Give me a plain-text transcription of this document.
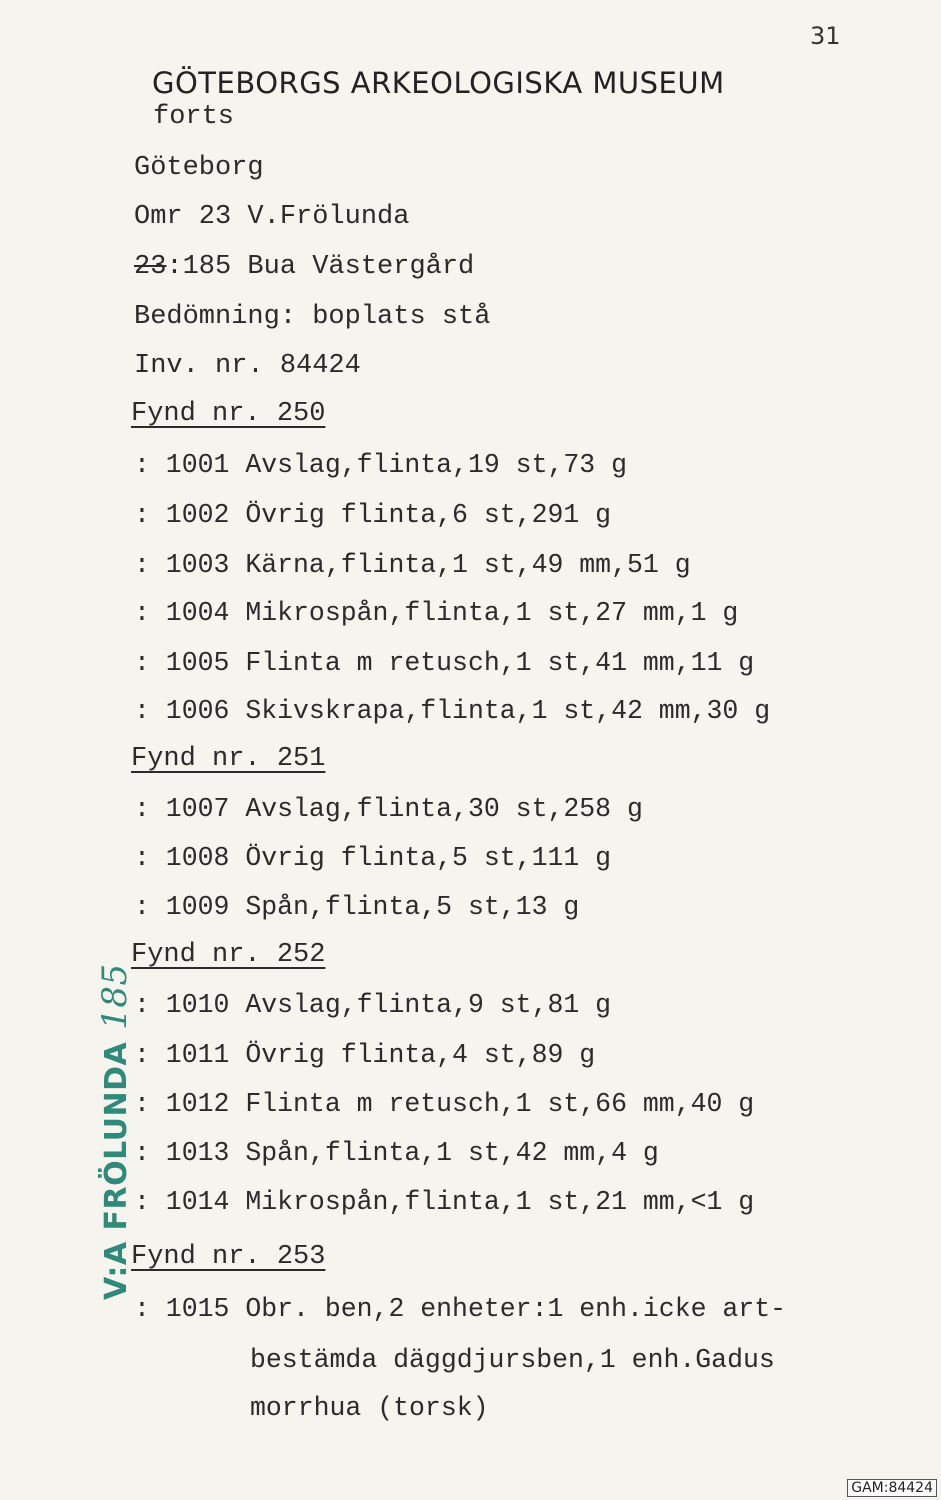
31
GÖTEBORGS ARKEOLOGISKA MUSEUM
forts
Göteborg
Omr 23 V.Frölunda
23:185 Bua Västergård
Bedömning: boplats stå
Inv. nr. 84424
Fynd nr. 250
: 1001 Avslag,flinta,19 st,73 g
: 1002 Övrig flinta,6 st,291 g
: 1003 Kärna,flinta,1 st,49 mm,51 g
: 1004 Mikrospån,flinta,1 st,27 mm,1 g
: 1005 Flinta m retusch,1 st,41 mm,11 g
: 1006 Skivskrapa,flinta,1 st,42 mm,30 g
Fynd nr. 251
: 1007 Avslag,flinta,30 st,258 g
: 1008 Övrig flinta,5 st,111 g
: 1009 Spån,flinta,5 st,13 g
Fynd nr. 252
: 1010 Avslag,flinta,9 st,81 g
: 1011 Övrig flinta,4 st,89 g
: 1012 Flinta m retusch,1 st,66 mm,40 g
: 1013 Spån,flinta,1 st,42 mm,4 g
: 1014 Mikrospån,flinta,1 st,21 mm,<1 g
Fynd nr. 253
: 1015 Obr. ben,2 enheter:1 enh.icke art-
bestämda däggdjursben,1 enh.Gadus
morrhua (torsk)
V:A FRÖLUNDA185
GAM:84424
